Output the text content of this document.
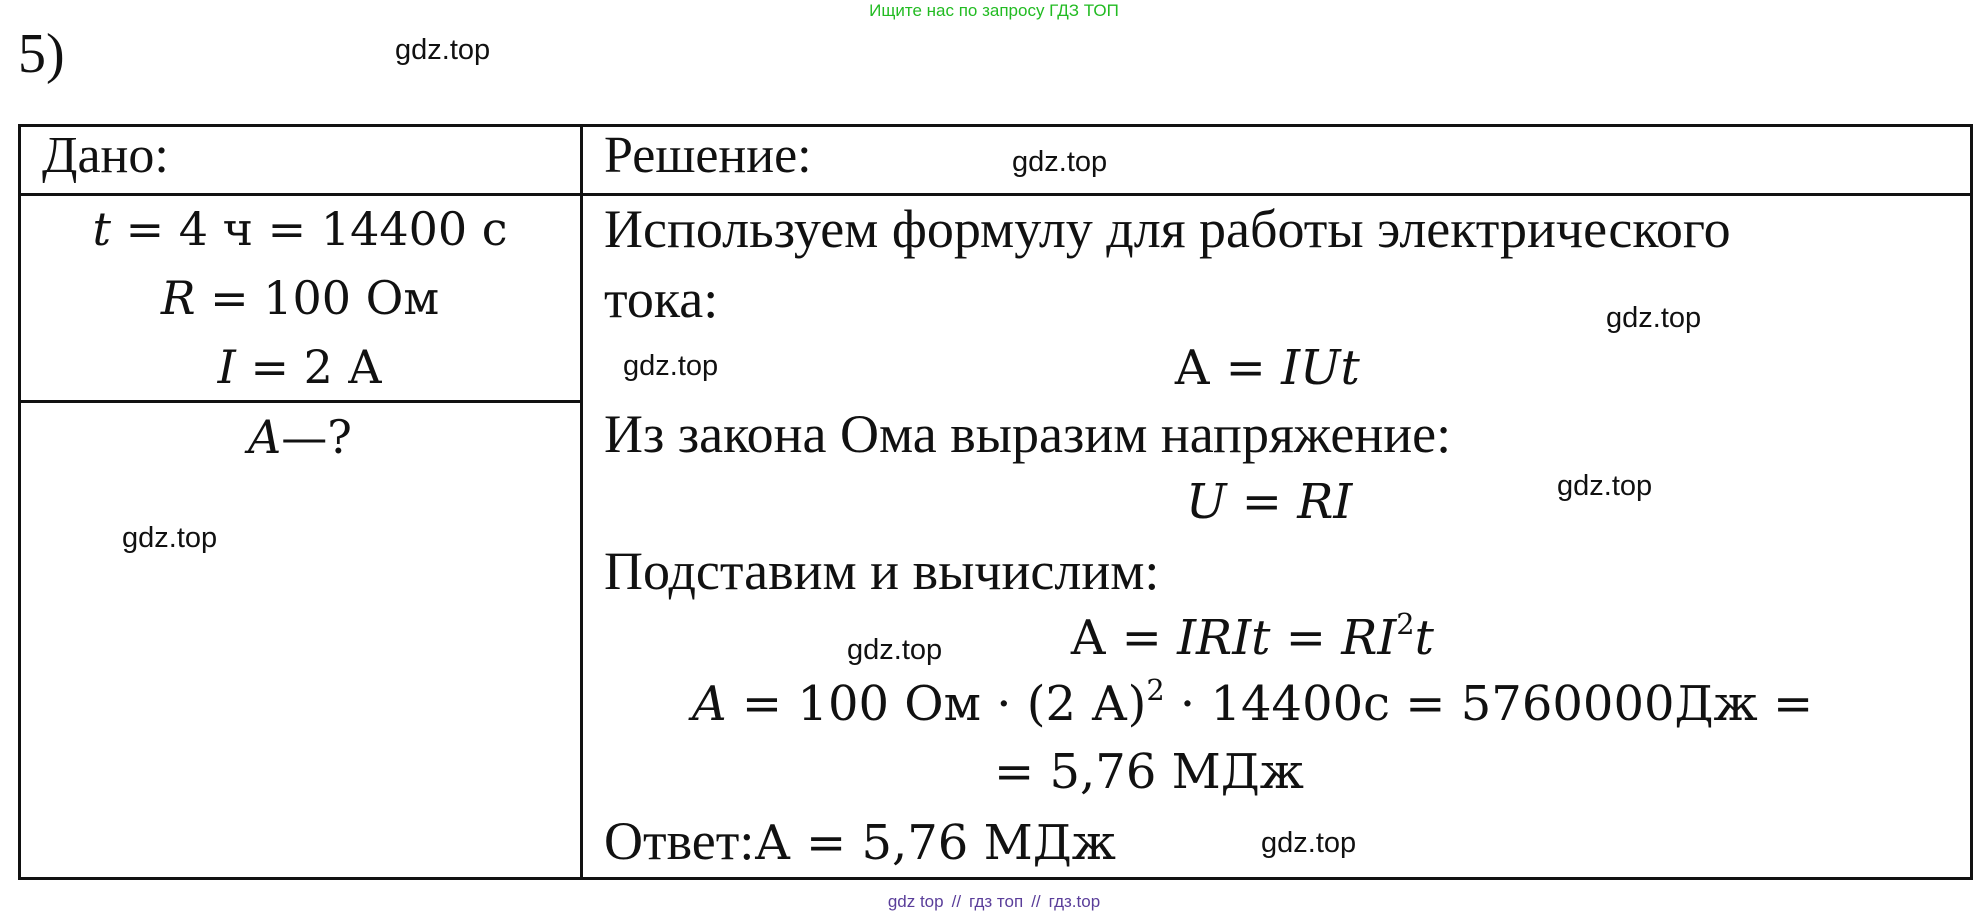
Ищите нас по запросу ГДЗ ТОП
5)
Дано:	Решение:
t = 4 ч = 14400 с
R = 100 Ом
I = 2 А
A—?
Используем формулу для работы электрического
тока:
А = IUt
Из закона Ома выразим напряжение:
U = RI
Подставим и вычислим:
А = IRIt = $RI^2t$
A = 100 Ом · (2 А)$^2$ · 14400с = 5760000Дж =
= 5,76 МДж
Ответ:А = 5,76 МДж
gdz.top
gdz.top
gdz.top
gdz.top
gdz.top
gdz.top
gdz.top
gdz.top
gdz top // гдз топ // гдз.top
